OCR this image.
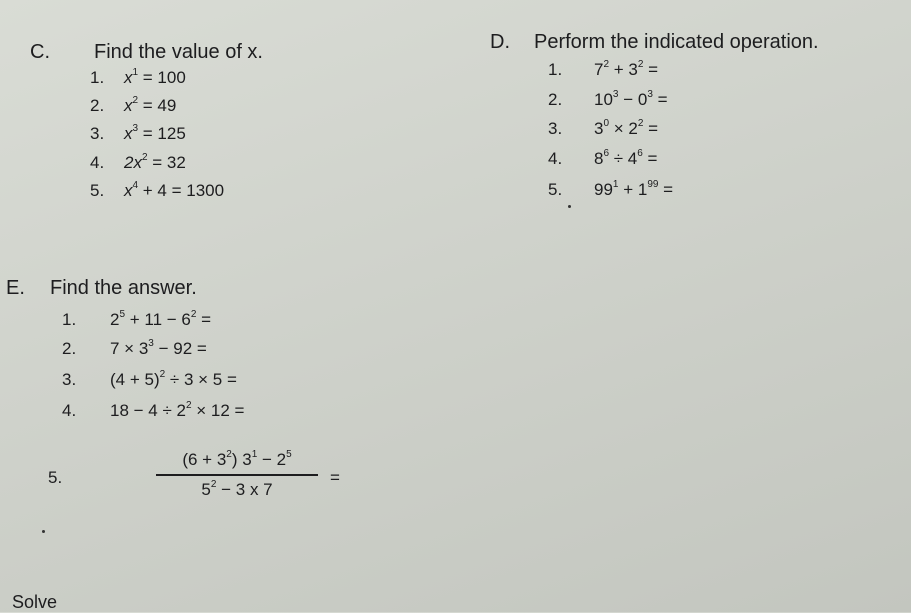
C. Find the value of x.
1. $x^1 = 100$
2. $x^2 = 49$
3. $x^3 = 125$
4. $2x^2 = 32$
5. $x^4 + 4 = 1300$
D. Perform the indicated operation.
1. $7^2 + 3^2$ =
2. $10^3 - 0^3$ =
3. $3^0 \times 2^2$ =
4. $8^6 \div 4^6$ =
5. $99^1 + 1^{99}$ =
E. Find the answer.
1. $2^5 + 11 - 6^2$ =
2. $7 \times 3^3 - 92$ =
3. $(4 + 5)^2 \div 3 \times 5$ =
4. $18 - 4 \div 2^2 \times 12$ =
5.
$(6 + 3^2)$ $3^1 - 2^5$
$5^2 - 3$ x 7
=
Solve
